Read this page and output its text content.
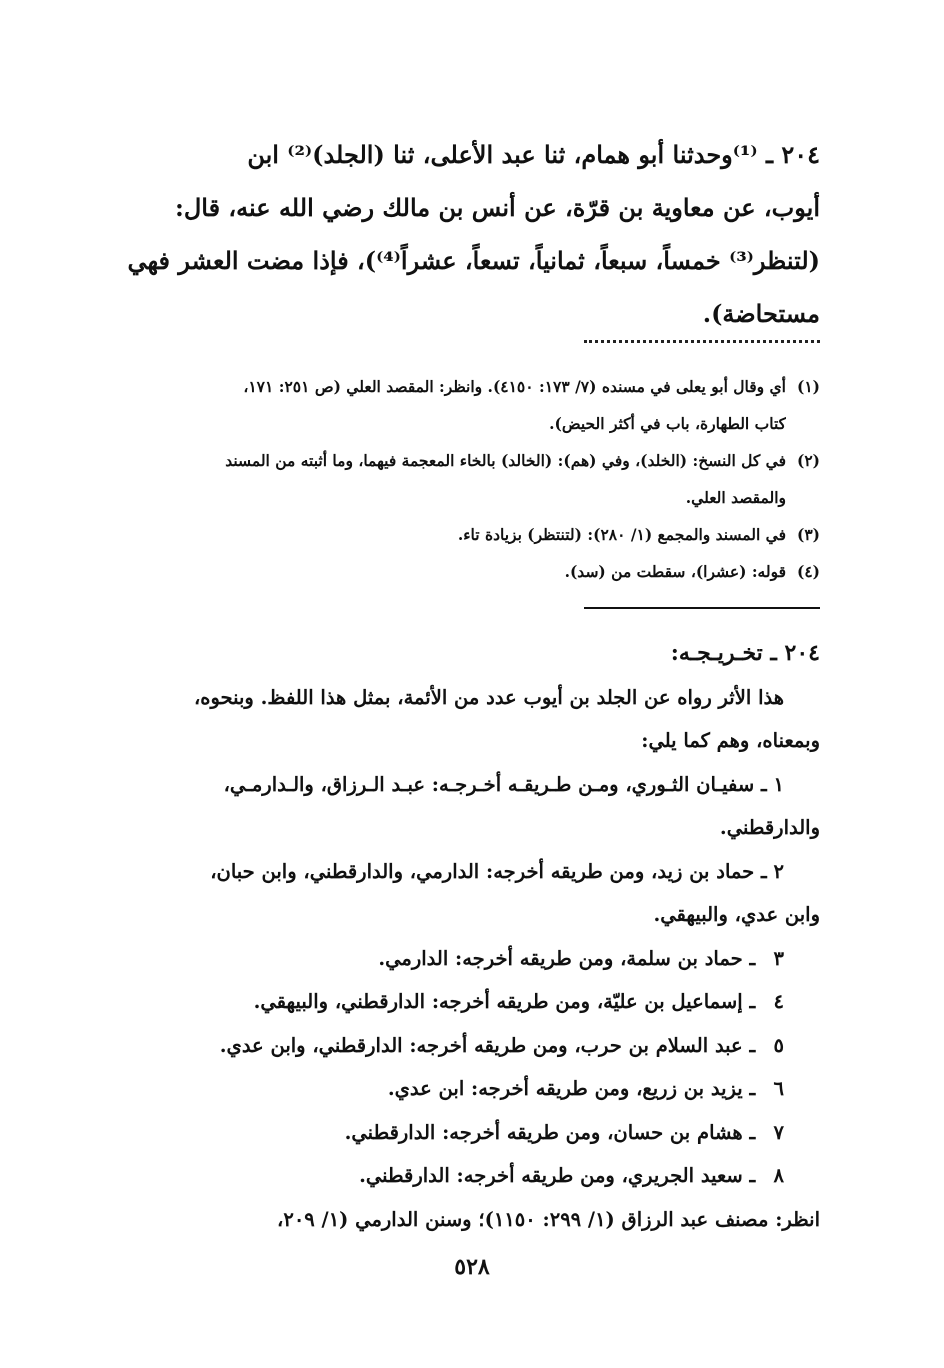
٢٠٤ ـ ⁽¹⁾وحدثنا أبو همام، ثنا عبد الأعلى، ثنا (الجلد)⁽²⁾ ابن

أيوب، عن معاوية بن قرّة، عن أنس بن مالك رضي الله عنه، قال:

(لتنظر⁽³⁾ خمساً، سبعاً، ثمانياً، تسعاً، عشراً⁽⁴⁾)، فإذا مضت العشر فهي

مستحاضة).

(١)
أي وقال أبو يعلى في مسنده (٧/ ١٧٣: ٤١٥٠). وانظر: المقصد العلي (ص ٢٥١: ١٧١،
كتاب الطهارة، باب في أكثر الحيض).
(٢)
في كل النسخ: (الخلد)، وفي (هم): (الخالد) بالخاء المعجمة فيهما، وما أثبته من المسند
والمقصد العلي.
(٣)
في المسند والمجمع (١/ ٢٨٠): (لتنتظر) بزيادة تاء.
(٤)
قوله: (عشرا)، سقطت من (سد).

٢٠٤ ـ تخـريـجـه:

هذا الأثر رواه عن الجلد بن أيوب عدد من الأئمة، بمثل هذا اللفظ. وبنحوه،

وبمعناه، وهم كما يلي:

١ ـ سفيـان الثـوري، ومـن طـريقـه أخـرجـه: عبـد الـرزاق، والـدارمـي،

والدارقطني.

٢ ـ حماد بن زيد، ومن طريقه أخرجه: الدارمي، والدارقطني، وابن حبان،

وابن عدي، والبيهقي.

٣ ـ حماد بن سلمة، ومن طريقه أخرجه: الدارمي.

٤ ـ إسماعيل بن عليّة، ومن طريقه أخرجه: الدارقطني، والبيهقي.

٥ ـ عبد السلام بن حرب، ومن طريقه أخرجه: الدارقطني، وابن عدي.

٦ ـ يزيد بن زريع، ومن طريقه أخرجه: ابن عدي.

٧ ـ هشام بن حسان، ومن طريقه أخرجه: الدارقطني.

٨ ـ سعيد الجريري، ومن طريقه أخرجه: الدارقطني.

انظر: مصنف عبد الرزاق (١/ ٢٩٩: ١١٥٠)؛ وسنن الدارمي (١/ ٢٠٩،

٥٢٨
